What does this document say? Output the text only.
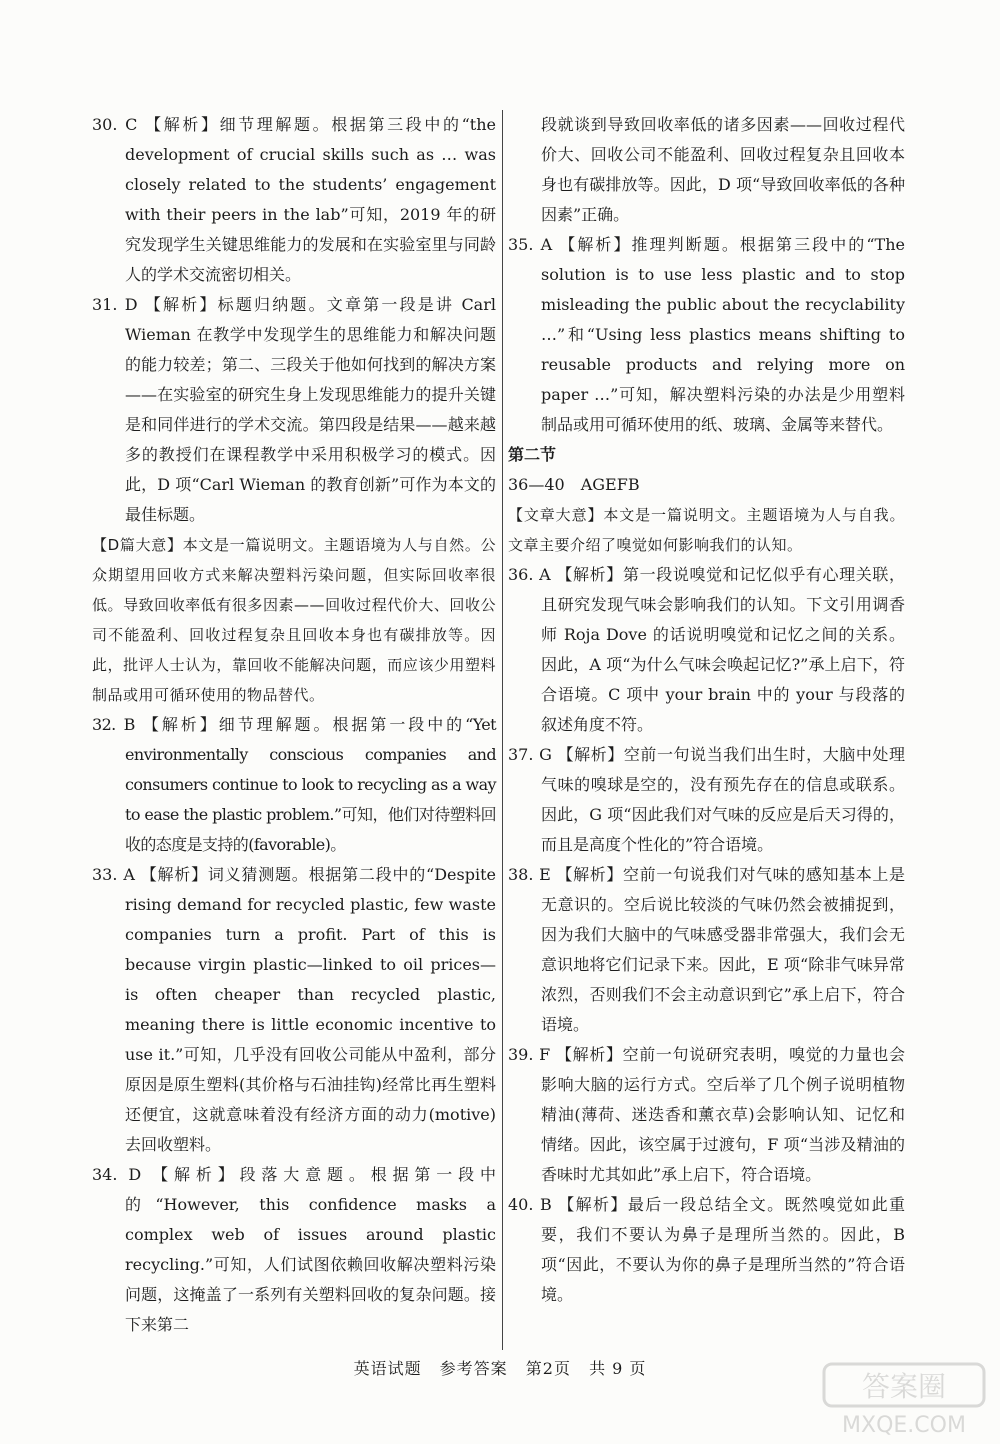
30. C 【解析】细节理解题。根据第三段中的“the development of crucial skills such as … was closely related to the students’ engagement with their peers in the lab”可知，2019 年的研究发现学生关键思维能力的发展和在实验室里与同龄人的学术交流密切相关。

31. D 【解析】标题归纳题。文章第一段是讲 Carl Wieman 在教学中发现学生的思维能力和解决问题的能力较差；第二、三段关于他如何找到的解决方案——在实验室的研究生身上发现思维能力的提升关键是和同伴进行的学术交流。第四段是结果——越来越多的教授们在课程教学中采用积极学习的模式。因此，D 项“Carl Wieman 的教育创新”可作为本文的最佳标题。

【D篇大意】本文是一篇说明文。主题语境为人与自然。公众期望用回收方式来解决塑料污染问题，但实际回收率很低。导致回收率低有很多因素——回收过程代价大、回收公司不能盈利、回收过程复杂且回收本身也有碳排放等。因此，批评人士认为，靠回收不能解决问题，而应该少用塑料制品或用可循环使用的物品替代。

32. B 【解析】细节理解题。根据第一段中的“Yet environmentally conscious companies and consumers continue to look to recycling as a way to ease the plastic problem.”可知，他们对待塑料回收的态度是支持的(favorable)。

33. A 【解析】词义猜测题。根据第二段中的“Despite rising demand for recycled plastic, few waste companies turn a profit. Part of this is because virgin plastic—linked to oil prices—is often cheaper than recycled plastic, meaning there is little economic incentive to use it.”可知，几乎没有回收公司能从中盈利，部分原因是原生塑料(其价格与石油挂钩)经常比再生塑料还便宜，这就意味着没有经济方面的动力(motive)去回收塑料。

34. D 【解析】段落大意题。根据第一段中的“However, this confidence masks a complex web of issues around plastic recycling.”可知，人们试图依赖回收解决塑料污染问题，这掩盖了一系列有关塑料回收的复杂问题。接下来第二

段就谈到导致回收率低的诸多因素——回收过程代价大、回收公司不能盈利、回收过程复杂且回收本身也有碳排放等。因此，D 项“导致回收率低的各种因素”正确。

35. A 【解析】推理判断题。根据第三段中的“The solution is to use less plastic and to stop misleading the public about the recyclability …”和“Using less plastics means shifting to reusable products and relying more on paper …”可知，解决塑料污染的办法是少用塑料制品或用可循环使用的纸、玻璃、金属等来替代。

第二节

36—40　AGEFB

【文章大意】本文是一篇说明文。主题语境为人与自我。文章主要介绍了嗅觉如何影响我们的认知。

36. A 【解析】第一段说嗅觉和记忆似乎有心理关联，且研究发现气味会影响我们的认知。下文引用调香师 Roja Dove 的话说明嗅觉和记忆之间的关系。因此，A 项“为什么气味会唤起记忆?”承上启下，符合语境。C 项中 your brain 中的 your 与段落的叙述角度不符。

37. G 【解析】空前一句说当我们出生时，大脑中处理气味的嗅球是空的，没有预先存在的信息或联系。因此，G 项“因此我们对气味的反应是后天习得的，而且是高度个性化的”符合语境。

38. E 【解析】空前一句说我们对气味的感知基本上是无意识的。空后说比较淡的气味仍然会被捕捉到，因为我们大脑中的气味感受器非常强大，我们会无意识地将它们记录下来。因此，E 项“除非气味异常浓烈，否则我们不会主动意识到它”承上启下，符合语境。

39. F 【解析】空前一句说研究表明，嗅觉的力量也会影响大脑的运行方式。空后举了几个例子说明植物精油(薄荷、迷迭香和薰衣草)会影响认知、记忆和情绪。因此，该空属于过渡句，F 项“当涉及精油的香味时尤其如此”承上启下，符合语境。

40. B 【解析】最后一段总结全文。既然嗅觉如此重要，我们不要认为鼻子是理所当然的。因此，B 项“因此，不要认为你的鼻子是理所当然的”符合语境。

英语试题 参考答案 第2页 共 9 页
答案圈
MXQE.COM
